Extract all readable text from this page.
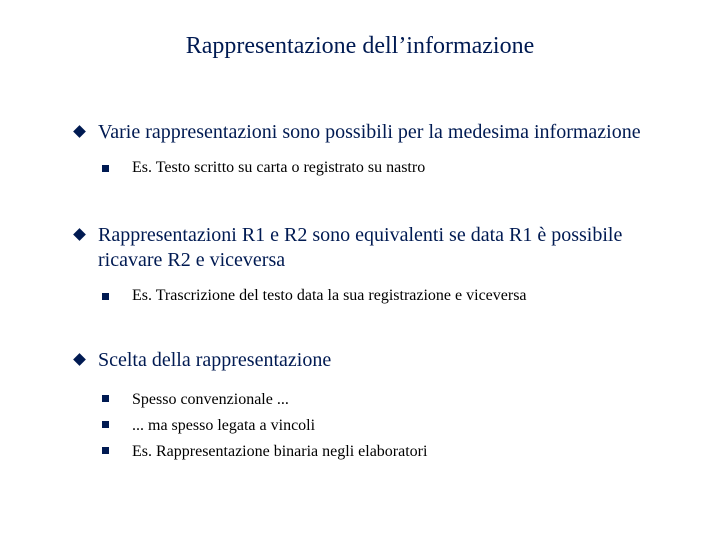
Rappresentazione dell’informazione
Varie rappresentazioni sono possibili per la medesima informazione
Es. Testo scritto su carta o registrato su nastro
Rappresentazioni R1 e R2 sono equivalenti se data R1 è possibile ricavare R2 e viceversa
Es. Trascrizione del testo data la sua registrazione e viceversa
Scelta della rappresentazione
Spesso convenzionale ...
... ma spesso legata a vincoli
Es. Rappresentazione binaria negli elaboratori
